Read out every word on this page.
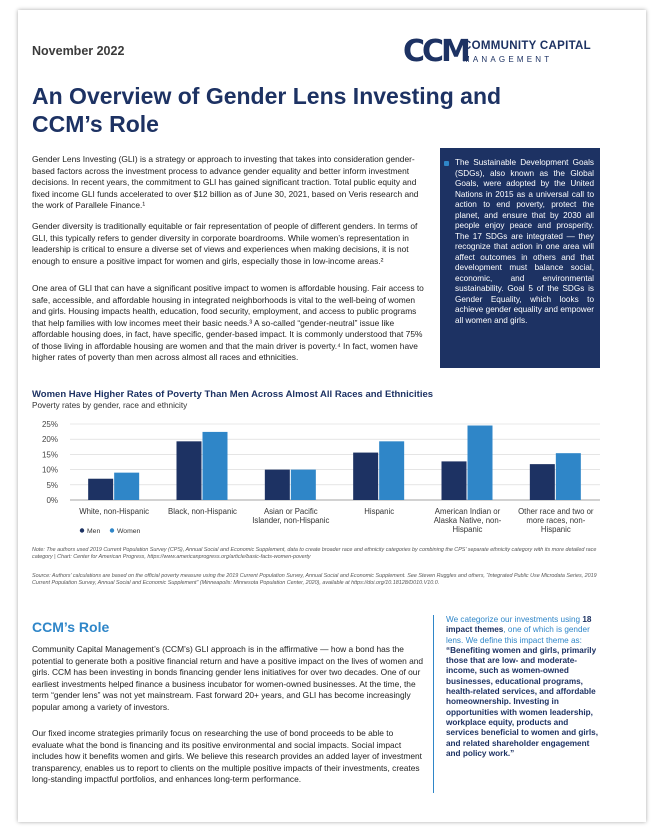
November 2022	CCM
COMMUNITY CAPITAL
MANAGEMENT
An Overview of Gender Lens Investing and
CCM’s Role

Gender Lens Investing (GLI) is a strategy or approach to investing that takes into consideration gender-based factors across the investment process to advance gender equality and better inform investment decisions. In recent years, the commitment to GLI has gained significant traction. Total public equity and fixed income GLI funds accelerated to over $12 billion as of June 30, 2021, based on Veris research and the work of Parallele Finance.¹

Gender diversity is traditionally equitable or fair representation of people of different genders. In terms of GLI, this typically refers to gender diversity in corporate boardrooms. While women’s representation in leadership is critical to ensure a diverse set of views and experiences when making decisions, it is not enough to ensure a positive impact for women and girls, especially those in low-income areas.²

One area of GLI that can have a significant positive impact to women is affordable housing. Fair access to safe, accessible, and affordable housing in integrated neighborhoods is vital to the well-being of women and girls. Housing impacts health, education, food security, employment, and access to public programs that help families with low incomes meet their basic needs.³ A so-called “gender-neutral” issue like affordable housing does, in fact, have specific, gender-based impact. It is commonly understood that 75% of those living in affordable housing are women and that the main driver is poverty.⁴ In fact, women have higher rates of poverty than men across almost all races and ethnicities.

The Sustainable Development Goals (SDGs), also known as the Global Goals, were adopted by the United Nations in 2015 as a universal call to action to end poverty, protect the planet, and ensure that by 2030 all people enjoy peace and prosperity. The 17 SDGs are integrated — they recognize that action in one area will affect outcomes in others and that development must balance social, economic, and environmental sustainability. Goal 5 of the SDGs is Gender Equality, which looks to achieve gender equality and empower all women and girls.
Women Have Higher Rates of Poverty Than Men Across Almost All Races and Ethnicities
Poverty rates by gender, race and ethnicity
0%
5%
10%
15%
20%
25%
White, non-Hispanic Black, non-Hispanic	Asian or Pacific
Islander, non-Hispanic
Hispanic	American Indian or
Alaska Native, non-
Hispanic
Other race and two or
more races, non-
Hispanic
Men Women
Note: The authors used 2019 Current Population Survey (CPS), Annual Social and Economic Supplement, data to create broader race and ethnicity categories by combining the CPS’ separate ethnicity category with its more detailed race category | Chart: Center for American Progress, https://www.americanprogress.org/article/basic-facts-women-poverty
Source: Authors’ calculations are based on the official poverty measure using the 2019 Current Population Survey, Annual Social and Economic Supplement. See Steven Ruggles and others, “Integrated Public Use Microdata Series, 2019 Current Population Survey, Annual Social and Economic Supplement” (Minneapolis: Minnesota Population Center, 2020), available at https://doi.org/10.18128/D010.V10.0.
CCM’s Role

Community Capital Management’s (CCM’s) GLI approach is in the affirmative — how a bond has the potential to generate both a positive financial return and have a positive impact on the lives of women and girls. CCM has been investing in bonds financing gender lens initiatives for over two decades. One of our earliest investments helped finance a business incubator for women-owned businesses. At the time, the term “gender lens” was not yet mainstream. Fast forward 20+ years, and GLI has become increasingly popular among a variety of investors.

Our fixed income strategies primarily focus on researching the use of bond proceeds to be able to evaluate what the bond is financing and its positive environmental and social impacts. Social impact includes how it benefits women and girls. We believe this research provides an added layer of investment transparency, enables us to report to clients on the multiple positive impacts of their investments, creates long-standing impactful portfolios, and enhances long-term performance.

We categorize our investments using 18 impact themes, one of which is gender lens. We define this impact theme as: “Benefiting women and girls, primarily those that are low- and moderate-income, such as women-owned businesses, educational programs, health-related services, and affordable homeownership. Investing in opportunities with women leadership, workplace equity, products and services beneficial to women and girls, and related shareholder engagement and policy work.”
